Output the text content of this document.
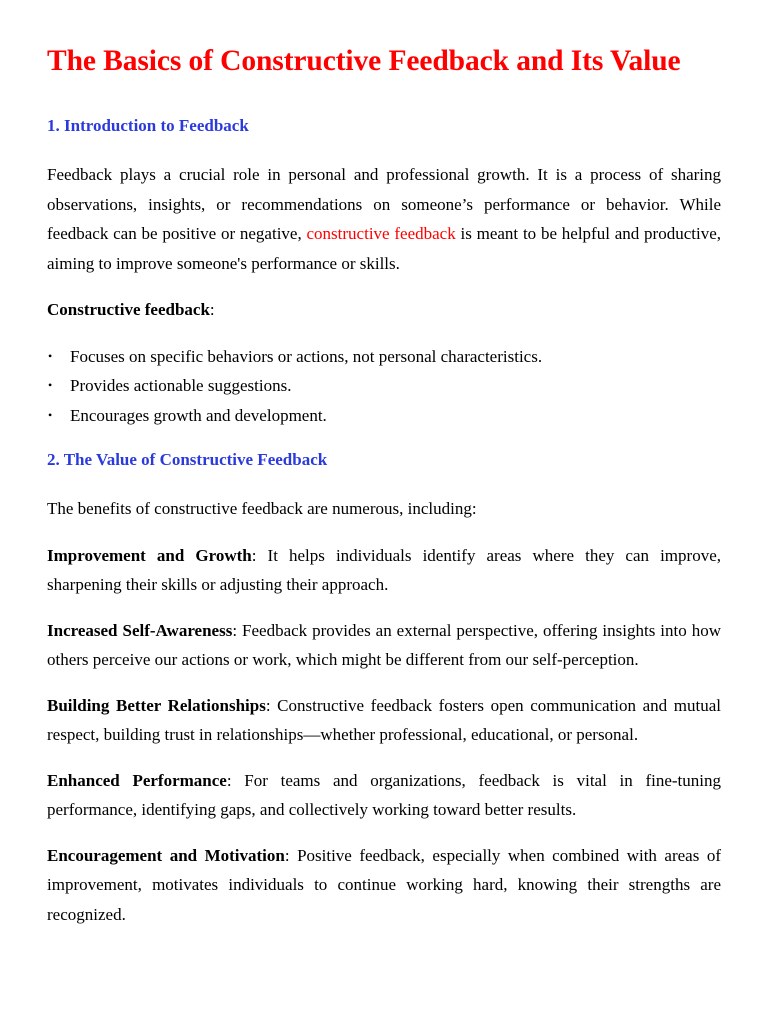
The Basics of Constructive Feedback and Its Value
1. Introduction to Feedback

Feedback plays a crucial role in personal and professional growth. It is a process of sharing observations, insights, or recommendations on someone’s performance or behavior. While feedback can be positive or negative, constructive feedback is meant to be helpful and productive, aiming to improve someone's performance or skills.

Constructive feedback:

• Focuses on specific behaviors or actions, not personal characteristics.
• Provides actionable suggestions.
• Encourages growth and development.
2. The Value of Constructive Feedback

The benefits of constructive feedback are numerous, including:

Improvement and Growth: It helps individuals identify areas where they can improve, sharpening their skills or adjusting their approach.

Increased Self-Awareness: Feedback provides an external perspective, offering insights into how others perceive our actions or work, which might be different from our self-perception.

Building Better Relationships: Constructive feedback fosters open communication and mutual respect, building trust in relationships—whether professional, educational, or personal.

Enhanced Performance: For teams and organizations, feedback is vital in fine-tuning performance, identifying gaps, and collectively working toward better results.

Encouragement and Motivation: Positive feedback, especially when combined with areas of improvement, motivates individuals to continue working hard, knowing their strengths are recognized.
